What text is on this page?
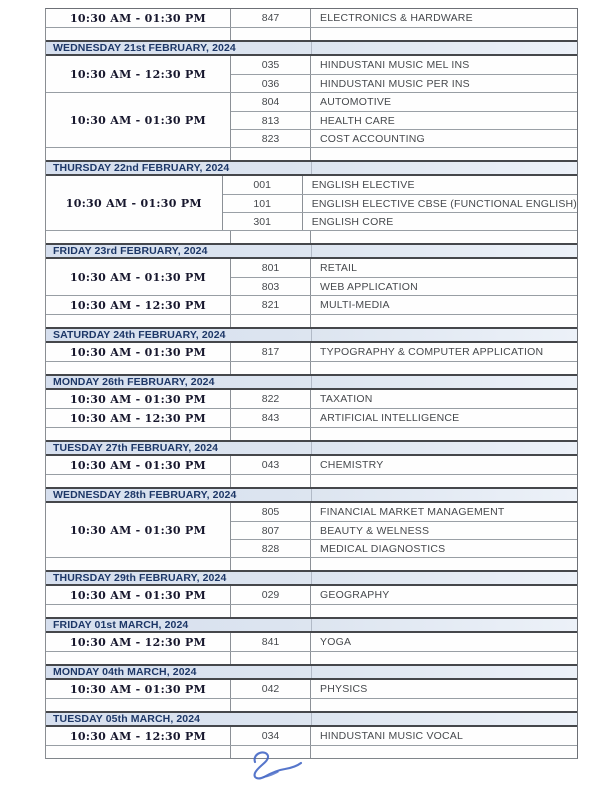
10:30 AM - 01:30 PM	847	ELECTRONICS & HARDWARE
WEDNESDAY 21st FEBRUARY, 2024
10:30 AM - 12:30 PM
035	HINDUSTANI MUSIC MEL INS
036	HINDUSTANI MUSIC PER INS
10:30 AM - 01:30 PM
804	AUTOMOTIVE
813	HEALTH CARE
823	COST ACCOUNTING
THURSDAY 22nd FEBRUARY, 2024
10:30 AM - 01:30 PM
001	ENGLISH ELECTIVE
101	ENGLISH ELECTIVE CBSE (FUNCTIONAL ENGLISH)
301	ENGLISH CORE
FRIDAY 23rd FEBRUARY, 2024
10:30 AM - 01:30 PM
801	RETAIL
803	WEB APPLICATION
10:30 AM - 12:30 PM	821	MULTI-MEDIA
SATURDAY 24th FEBRUARY, 2024
10:30 AM - 01:30 PM	817	TYPOGRAPHY & COMPUTER APPLICATION
MONDAY 26th FEBRUARY, 2024
10:30 AM - 01:30 PM	822	TAXATION
10:30 AM - 12:30 PM	843	ARTIFICIAL INTELLIGENCE
TUESDAY 27th FEBRUARY, 2024
10:30 AM - 01:30 PM	043	CHEMISTRY
WEDNESDAY 28th FEBRUARY, 2024
10:30 AM - 01:30 PM
805	FINANCIAL MARKET MANAGEMENT
807	BEAUTY & WELNESS
828	MEDICAL DIAGNOSTICS
THURSDAY 29th FEBRUARY, 2024
10:30 AM - 01:30 PM	029	GEOGRAPHY
FRIDAY 01st MARCH, 2024
10:30 AM - 12:30 PM	841	YOGA
MONDAY 04th MARCH, 2024
10:30 AM - 01:30 PM	042	PHYSICS
TUESDAY 05th MARCH, 2024
10:30 AM - 12:30 PM	034	HINDUSTANI MUSIC VOCAL
